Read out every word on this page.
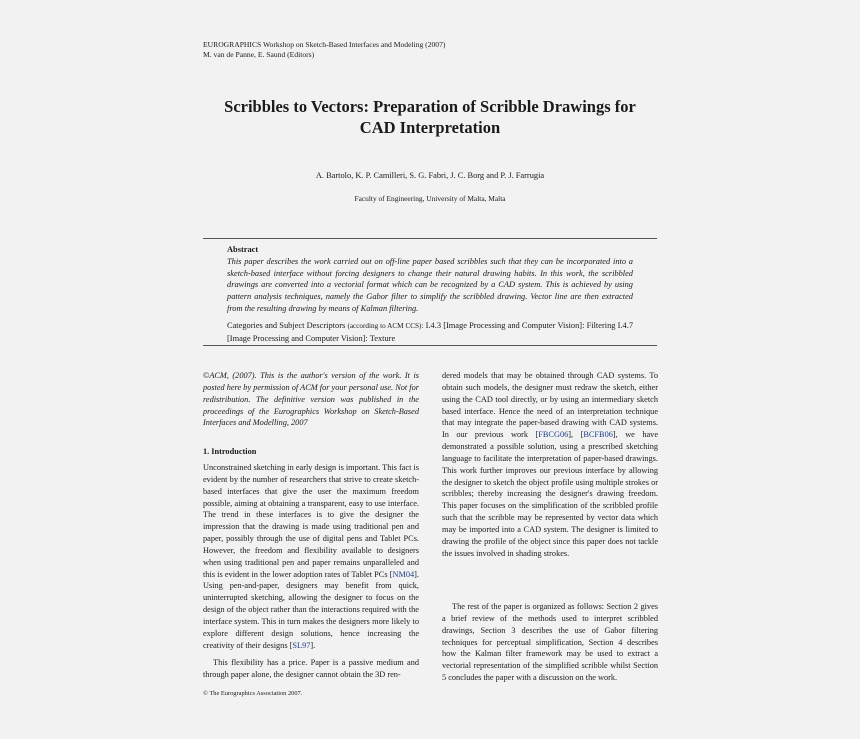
EUROGRAPHICS Workshop on Sketch-Based Interfaces and Modeling (2007)
M. van de Panne, E. Saund (Editors)
Scribbles to Vectors: Preparation of Scribble Drawings for
CAD Interpretation
A. Bartolo, K. P. Camilleri, S. G. Fabri, J. C. Borg and P. J. Farrugia
Faculty of Engineering, University of Malta, Malta
Abstract
This paper describes the work carried out on off-line paper based scribbles such that they can be incorporated into a sketch-based interface without forcing designers to change their natural drawing habits. In this work, the scribbled drawings are converted into a vectorial format which can be recognized by a CAD system. This is achieved by using pattern analysis techniques, namely the Gabor filter to simplify the scribbled drawing. Vector line are then extracted from the resulting drawing by means of Kalman filtering.
Categories and Subject Descriptors (according to ACM CCS): I.4.3 [Image Processing and Computer Vision]: Filtering I.4.7 [Image Processing and Computer Vision]: Texture
©ACM, (2007). This is the author's version of the work. It is posted here by permission of ACM for your personal use. Not for redistribution. The definitive version was published in the proceedings of the Eurographics Workshop on Sketch-Based Interfaces and Modelling, 2007
1. Introduction
Unconstrained sketching in early design is important. This fact is evident by the number of researchers that strive to create sketch-based interfaces that give the user the maximum freedom possible, aiming at obtaining a transparent, easy to use interface. The trend in these interfaces is to give the designer the impression that the drawing is made using traditional pen and paper, possibly through the use of digital pens and Tablet PCs. However, the freedom and flexibility available to designers when using traditional pen and paper remains unparalleled and this is evident in the lower adoption rates of Tablet PCs [NM04]. Using pen-and-paper, designers may benefit from quick, uninterrupted sketching, allowing the designer to focus on the design of the object rather than the interactions required with the interface system. This in turn makes the designers more likely to explore different design solutions, hence increasing the creativity of their designs [SL97].

This flexibility has a price. Paper is a passive medium and through paper alone, the designer cannot obtain the 3D ren-

dered models that may be obtained through CAD systems. To obtain such models, the designer must redraw the sketch, either using the CAD tool directly, or by using an intermediary sketch based interface. Hence the need of an interpretation technique that may integrate the paper-based drawing with CAD systems. In our previous work [FBCG06], [BCFB06], we have demonstrated a possible solution, using a prescribed sketching language to facilitate the interpretation of paper-based drawings. This work further improves our previous interface by allowing the designer to sketch the object profile using multiple strokes or scribbles; thereby increasing the designer's drawing freedom. This paper focuses on the simplification of the scribbled profile such that the scribble may be represented by vector data which may be imported into a CAD system. The designer is limited to drawing the profile of the object since this paper does not tackle the issues involved in shading strokes.

The rest of the paper is organized as follows: Section 2 gives a brief review of the methods used to interpret scribbled drawings, Section 3 describes the use of Gabor filtering techniques for perceptual simplification, Section 4 describes how the Kalman filter framework may be used to extract a vectorial representation of the simplified scribble whilst Section 5 concludes the paper with a discussion on the work.

© The Eurographics Association 2007.
